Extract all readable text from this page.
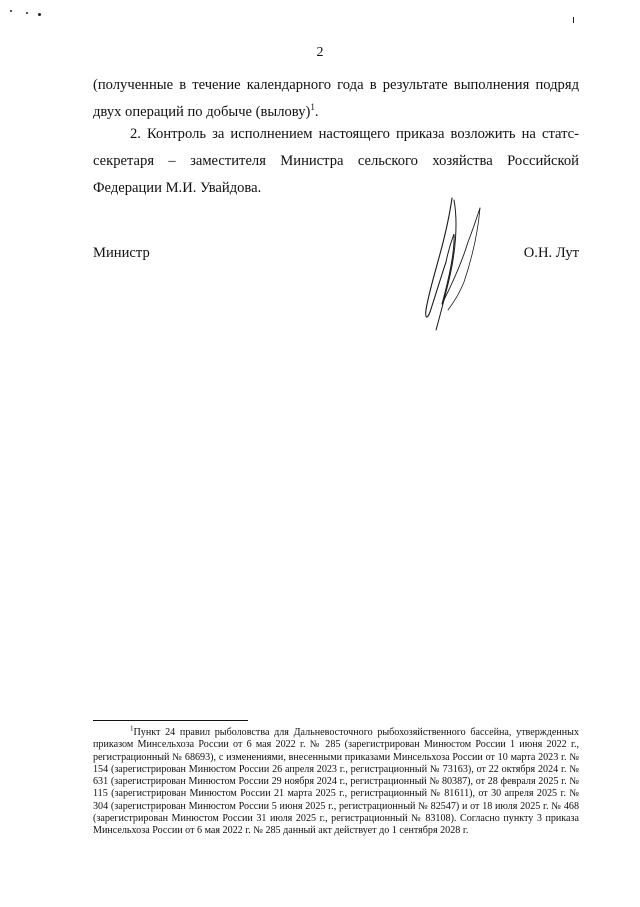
2

(полученные в течение календарного года в результате выполнения подряд двух операций по добыче (вылову)$^1$.

2. Контроль за исполнением настоящего приказа возложить на статс-секретаря – заместителя Министра сельского хозяйства Российской Федерации М.И. Увайдова.

Министр	О.Н. Лут
$^1$Пункт 24 правил рыболовства для Дальневосточного рыбохозяйственного бассейна, утвержденных приказом Минсельхоза России от 6 мая 2022 г. № 285 (зарегистрирован Минюстом России 1 июня 2022 г., регистрационный № 68693), с изменениями, внесенными приказами Минсельхоза России от 10 марта 2023 г. № 154 (зарегистрирован Минюстом России 26 апреля 2023 г., регистрационный № 73163), от 22 октября 2024 г. № 631 (зарегистрирован Минюстом России 29 ноября 2024 г., регистрационный № 80387), от 28 февраля 2025 г. № 115 (зарегистрирован Минюстом России 21 марта 2025 г., регистрационный № 81611), от 30 апреля 2025 г. № 304 (зарегистрирован Минюстом России 5 июня 2025 г., регистрационный № 82547) и от 18 июля 2025 г. № 468 (зарегистрирован Минюстом России 31 июля 2025 г., регистрационный № 83108). Согласно пункту 3 приказа Минсельхоза России от 6 мая 2022 г. № 285 данный акт действует до 1 сентября 2028 г.
